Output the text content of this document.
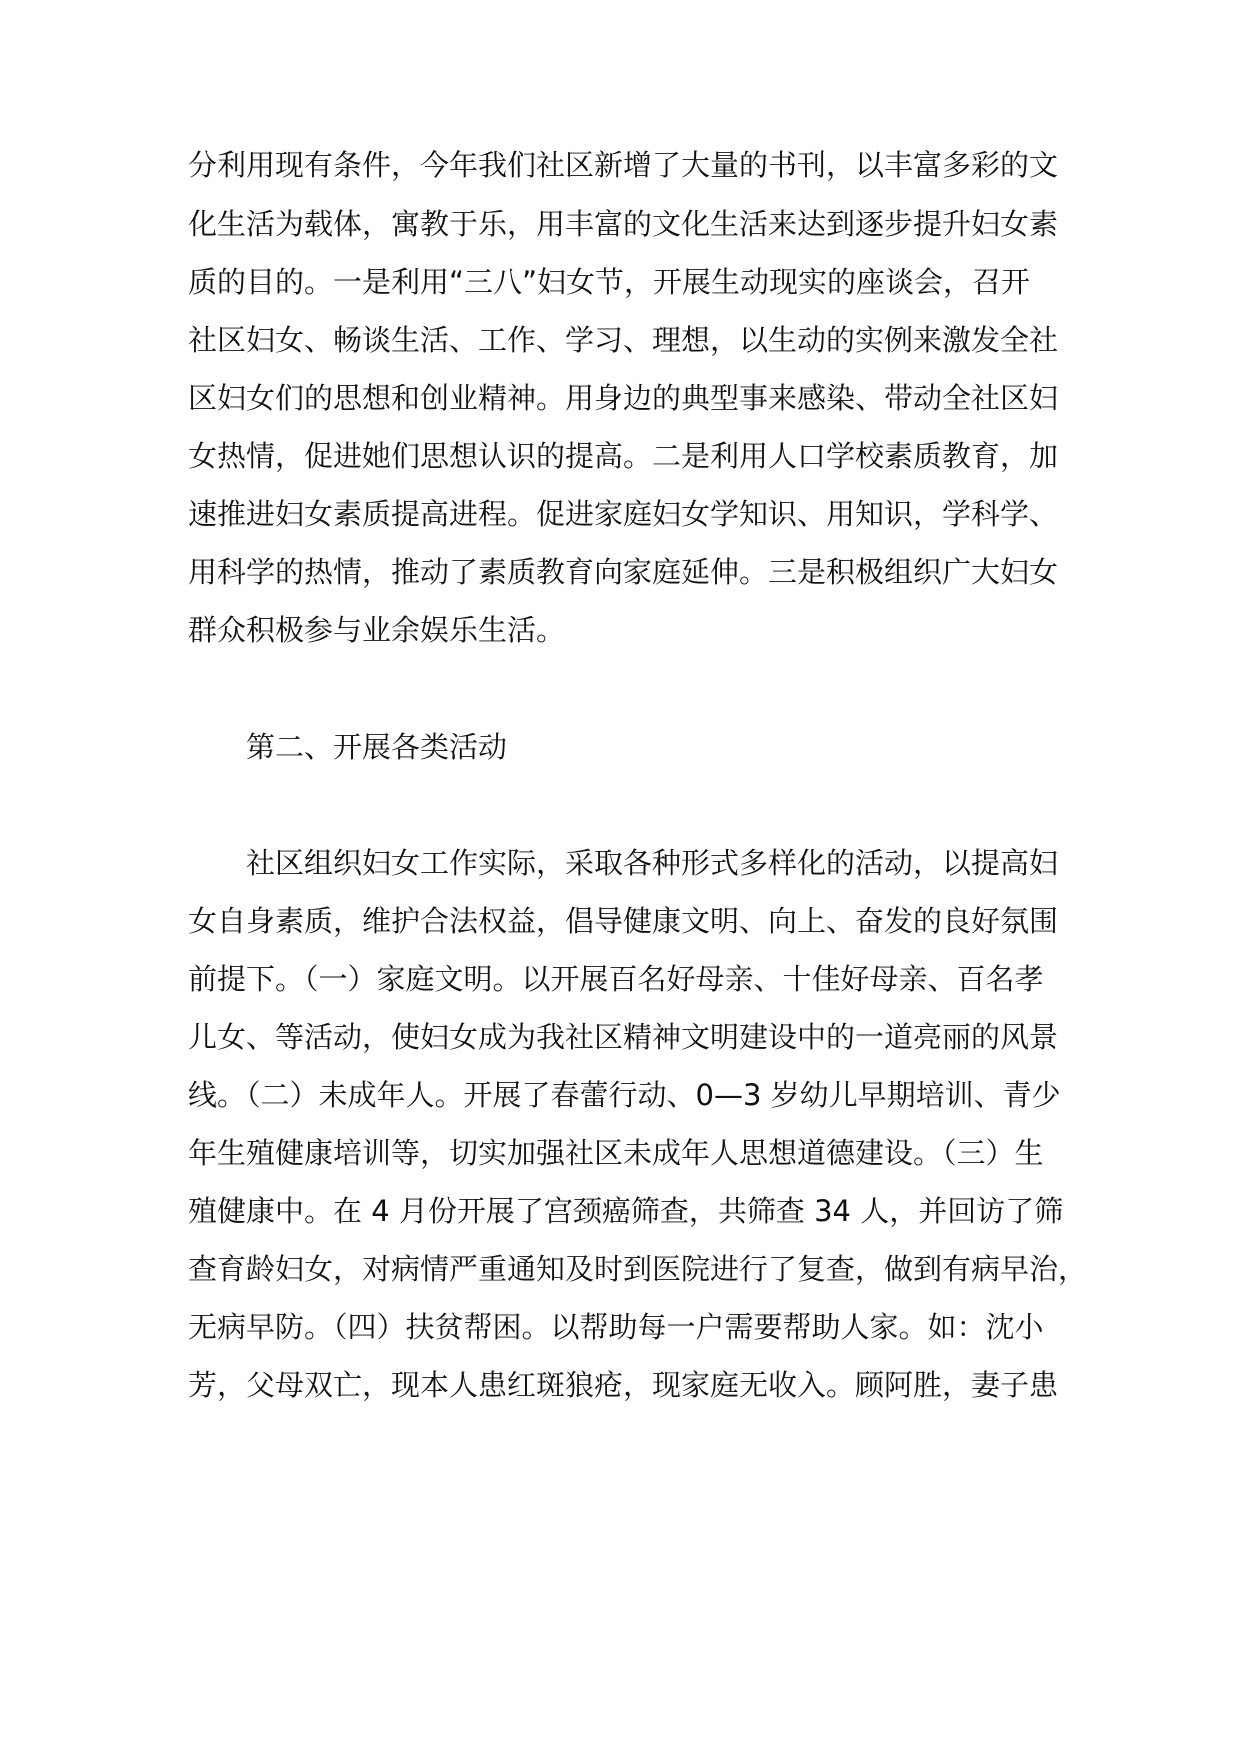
分利用现有条件，今年我们社区新增了大量的书刊，以丰富多彩的文
化生活为载体，寓教于乐，用丰富的文化生活来达到逐步提升妇女素
质的目的。一是利用“三八”妇女节，开展生动现实的座谈会，召开
社区妇女、畅谈生活、工作、学习、理想，以生动的实例来激发全社
区妇女们的思想和创业精神。用身边的典型事来感染、带动全社区妇
女热情，促进她们思想认识的提高。二是利用人口学校素质教育，加
速推进妇女素质提高进程。促进家庭妇女学知识、用知识，学科学、
用科学的热情，推动了素质教育向家庭延伸。三是积极组织广大妇女
群众积极参与业余娱乐生活。
第二、开展各类活动
社区组织妇女工作实际，采取各种形式多样化的活动，以提高妇
女自身素质，维护合法权益，倡导健康文明、向上、奋发的良好氛围
前提下。（一）家庭文明。以开展百名好母亲、十佳好母亲、百名孝
儿女、等活动，使妇女成为我社区精神文明建设中的一道亮丽的风景
线。（二）未成年人。开展了春蕾行动、0—3 岁幼儿早期培训、青少
年生殖健康培训等，切实加强社区未成年人思想道德建设。（三）生
殖健康中。在 4 月份开展了宫颈癌筛查，共筛查 34 人，并回访了筛
查育龄妇女，对病情严重通知及时到医院进行了复查，做到有病早治，
无病早防。（四）扶贫帮困。以帮助每一户需要帮助人家。如：沈小
芳，父母双亡，现本人患红斑狼疮，现家庭无收入。顾阿胜，妻子患
